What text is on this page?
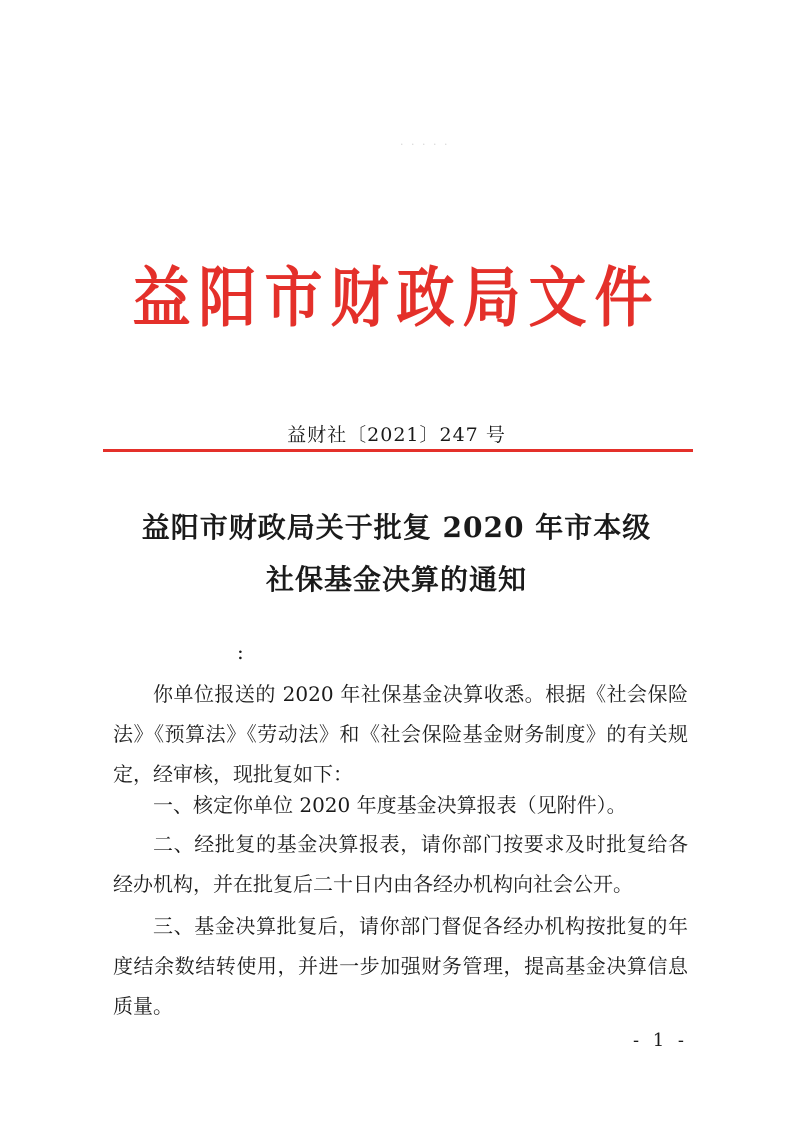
· · · · ·
益阳市财政局文件
益财社〔2021〕247 号
益阳市财政局关于批复 2020 年市本级
社保基金决算的通知
:

你单位报送的 2020 年社保基金决算收悉。根据《社会保险法》《预算法》《劳动法》和《社会保险基金财务制度》的有关规定，经审核，现批复如下：

一、核定你单位 2020 年度基金决算报表（见附件）。

二、经批复的基金决算报表，请你部门按要求及时批复给各经办机构，并在批复后二十日内由各经办机构向社会公开。

三、基金决算批复后，请你部门督促各经办机构按批复的年度结余数结转使用，并进一步加强财务管理，提高基金决算信息质量。

- 1 -
